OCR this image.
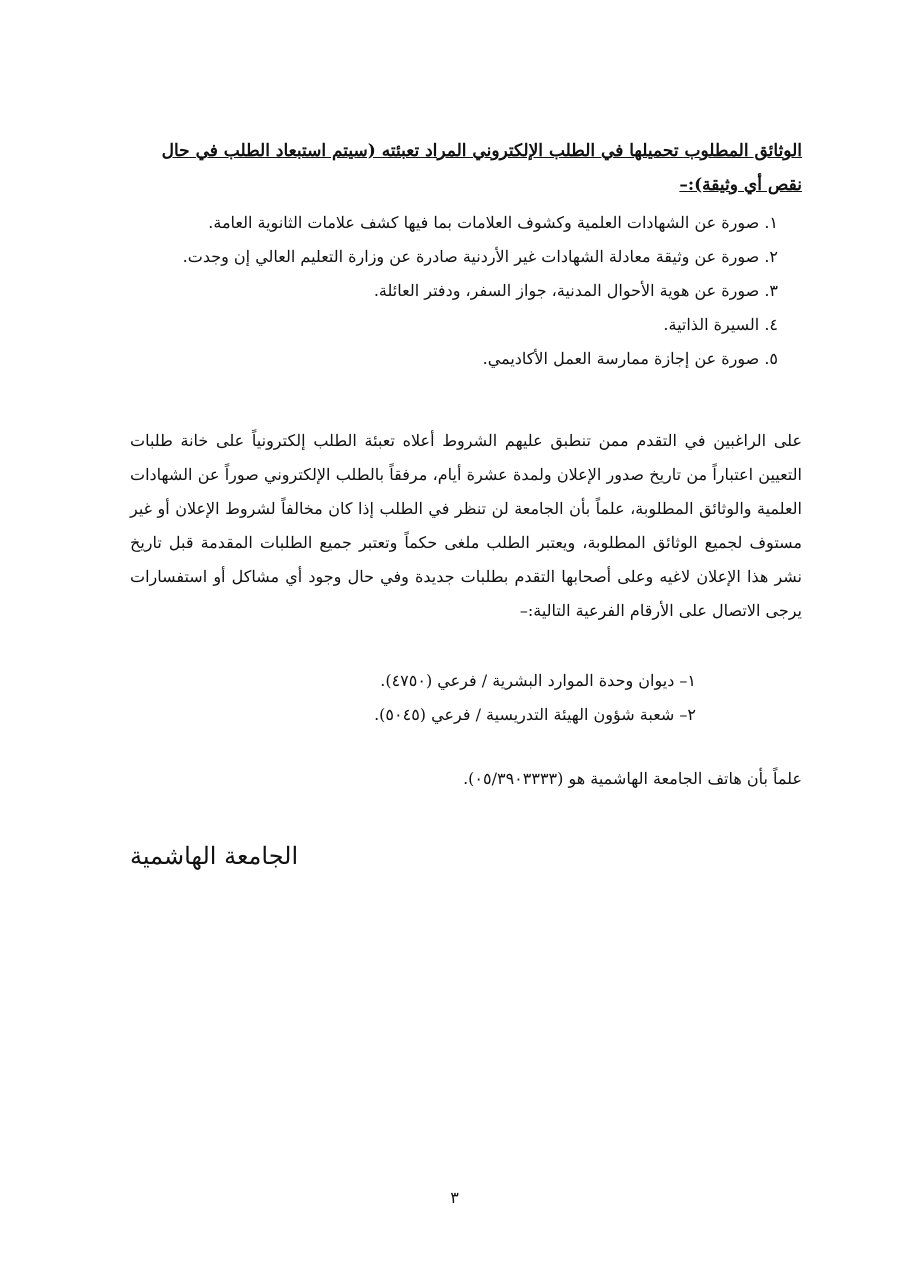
الوثائق المطلوب تحميلها في الطلب الإلكتروني المراد تعبئته (سيتم استبعاد الطلب في حال نقص أي وثيقة):–

١. صورة عن الشهادات العلمية وكشوف العلامات بما فيها كشف علامات الثانوية العامة.
٢. صورة عن وثيقة معادلة الشهادات غير الأردنية صادرة عن وزارة التعليم العالي إن وجدت.
٣. صورة عن هوية الأحوال المدنية، جواز السفر، ودفتر العائلة.
٤. السيرة الذاتية.
٥. صورة عن إجازة ممارسة العمل الأكاديمي.

على الراغبين في التقدم ممن تنطبق عليهم الشروط أعلاه تعبئة الطلب إلكترونياً على خانة طلبات التعيين اعتباراً من تاريخ صدور الإعلان ولمدة عشرة أيام، مرفقاً بالطلب الإلكتروني صوراً عن الشهادات العلمية والوثائق المطلوبة، علماً بأن الجامعة لن تنظر في الطلب إذا كان مخالفاً لشروط الإعلان أو غير مستوف لجميع الوثائق المطلوبة، ويعتبر الطلب ملغى حكماً وتعتبر جميع الطلبات المقدمة قبل تاريخ نشر هذا الإعلان لاغيه وعلى أصحابها التقدم بطلبات جديدة وفي حال وجود أي مشاكل أو استفسارات يرجى الاتصال على الأرقام الفرعية التالية:–

١– ديوان وحدة الموارد البشرية / فرعي (٤٧٥٠).
٢– شعبة شؤون الهيئة التدريسية / فرعي (٥٠٤٥).

علماً بأن هاتف الجامعة الهاشمية هو (٠٥/٣٩٠٣٣٣٣).

الجامعة الهاشمية

٣
